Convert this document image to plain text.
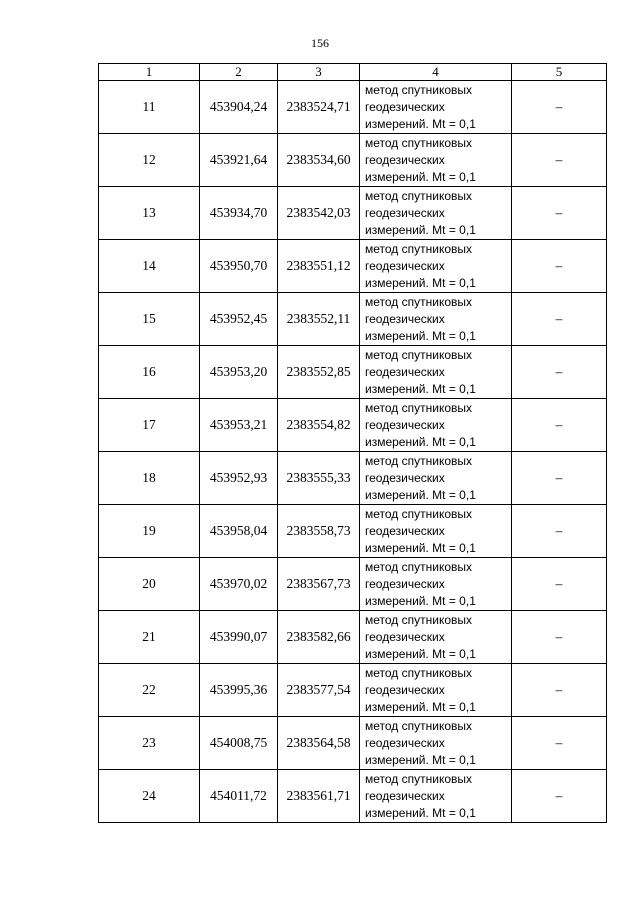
156
1	2	3	4	5
11	453904,24	2383524,71	метод спутниковых
геодезических
измерений. Mt = 0,1	–
12	453921,64	2383534,60	метод спутниковых
геодезических
измерений. Mt = 0,1	–
13	453934,70	2383542,03	метод спутниковых
геодезических
измерений. Mt = 0,1	–
14	453950,70	2383551,12	метод спутниковых
геодезических
измерений. Mt = 0,1	–
15	453952,45	2383552,11	метод спутниковых
геодезических
измерений. Mt = 0,1	–
16	453953,20	2383552,85	метод спутниковых
геодезических
измерений. Mt = 0,1	–
17	453953,21	2383554,82	метод спутниковых
геодезических
измерений. Mt = 0,1	–
18	453952,93	2383555,33	метод спутниковых
геодезических
измерений. Mt = 0,1	–
19	453958,04	2383558,73	метод спутниковых
геодезических
измерений. Mt = 0,1	–
20	453970,02	2383567,73	метод спутниковых
геодезических
измерений. Mt = 0,1	–
21	453990,07	2383582,66	метод спутниковых
геодезических
измерений. Mt = 0,1	–
22	453995,36	2383577,54	метод спутниковых
геодезических
измерений. Mt = 0,1	–
23	454008,75	2383564,58	метод спутниковых
геодезических
измерений. Mt = 0,1	–
24	454011,72	2383561,71	метод спутниковых
геодезических
измерений. Mt = 0,1	–
